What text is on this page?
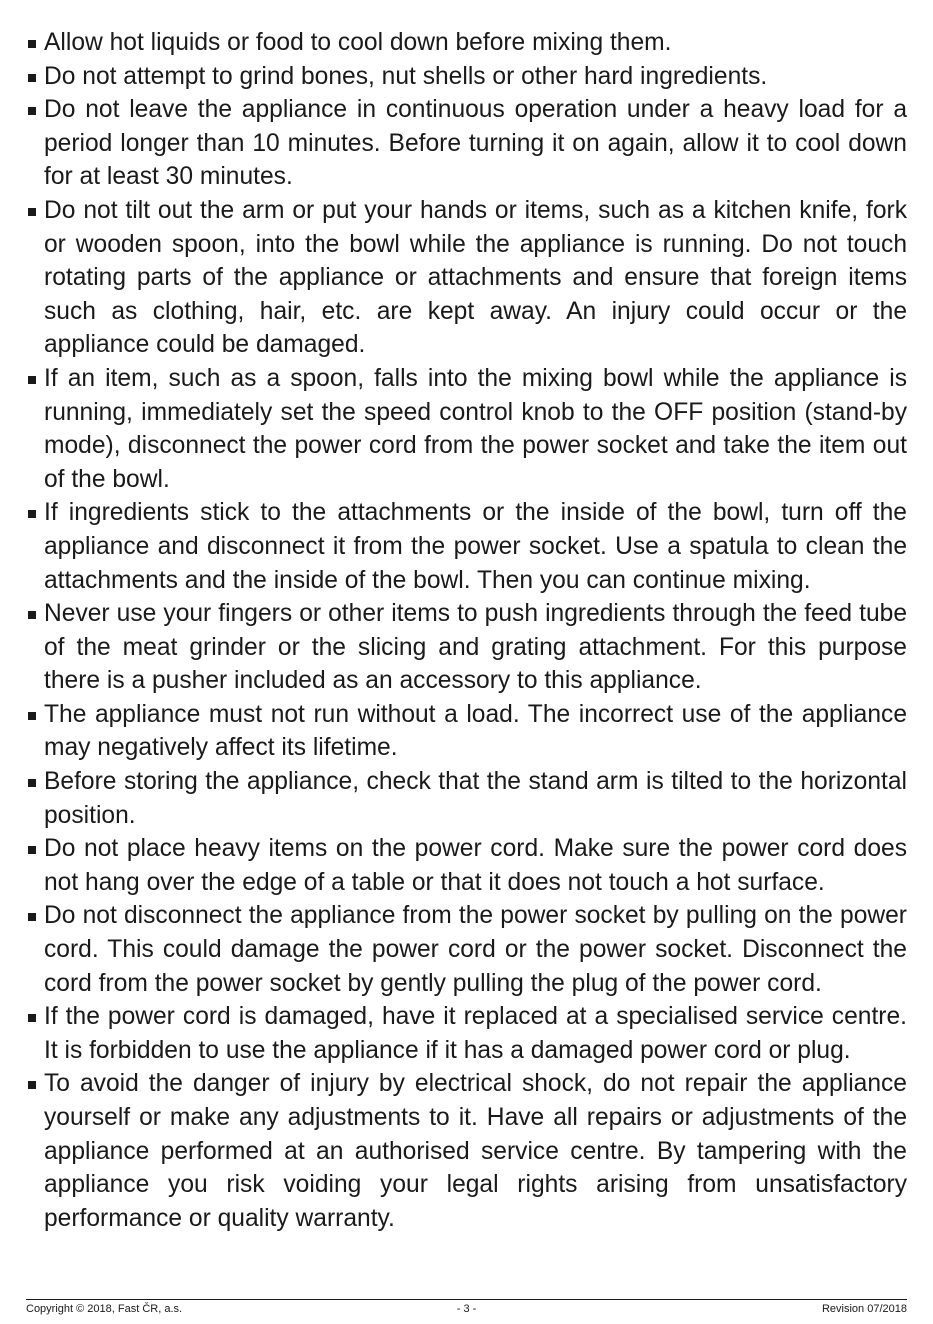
Allow hot liquids or food to cool down before mixing them.
Do not attempt to grind bones, nut shells or other hard ingredients.
Do not leave the appliance in continuous operation under a heavy load for a period longer than 10 minutes. Before turning it on again, allow it to cool down for at least 30 minutes.
Do not tilt out the arm or put your hands or items, such as a kitchen knife, fork or wooden spoon, into the bowl while the appliance is running. Do not touch rotating parts of the appliance or attachments and ensure that foreign items such as clothing, hair, etc. are kept away. An injury could occur or the appliance could be damaged.
If an item, such as a spoon, falls into the mixing bowl while the appliance is running, immediately set the speed control knob to the OFF position (stand-by mode), disconnect the power cord from the power socket and take the item out of the bowl.
If ingredients stick to the attachments or the inside of the bowl, turn off the appliance and disconnect it from the power socket. Use a spatula to clean the attachments and the inside of the bowl. Then you can continue mixing.
Never use your fingers or other items to push ingredients through the feed tube of the meat grinder or the slicing and grating attachment. For this purpose there is a pusher included as an accessory to this appliance.
The appliance must not run without a load. The incorrect use of the appliance may negatively affect its lifetime.
Before storing the appliance, check that the stand arm is tilted to the horizontal position.
Do not place heavy items on the power cord. Make sure the power cord does not hang over the edge of a table or that it does not touch a hot surface.
Do not disconnect the appliance from the power socket by pulling on the power cord. This could damage the power cord or the power socket. Disconnect the cord from the power socket by gently pulling the plug of the power cord.
If the power cord is damaged, have it replaced at a specialised service centre. It is forbidden to use the appliance if it has a damaged power cord or plug.
To avoid the danger of injury by electrical shock, do not repair the appliance yourself or make any adjustments to it. Have all repairs or adjustments of the appliance performed at an authorised service centre. By tampering with the appliance you risk voiding your legal rights arising from unsatisfactory performance or quality warranty.
Copyright © 2018, Fast ČR, a.s.	- 3 -	Revision 07/2018
